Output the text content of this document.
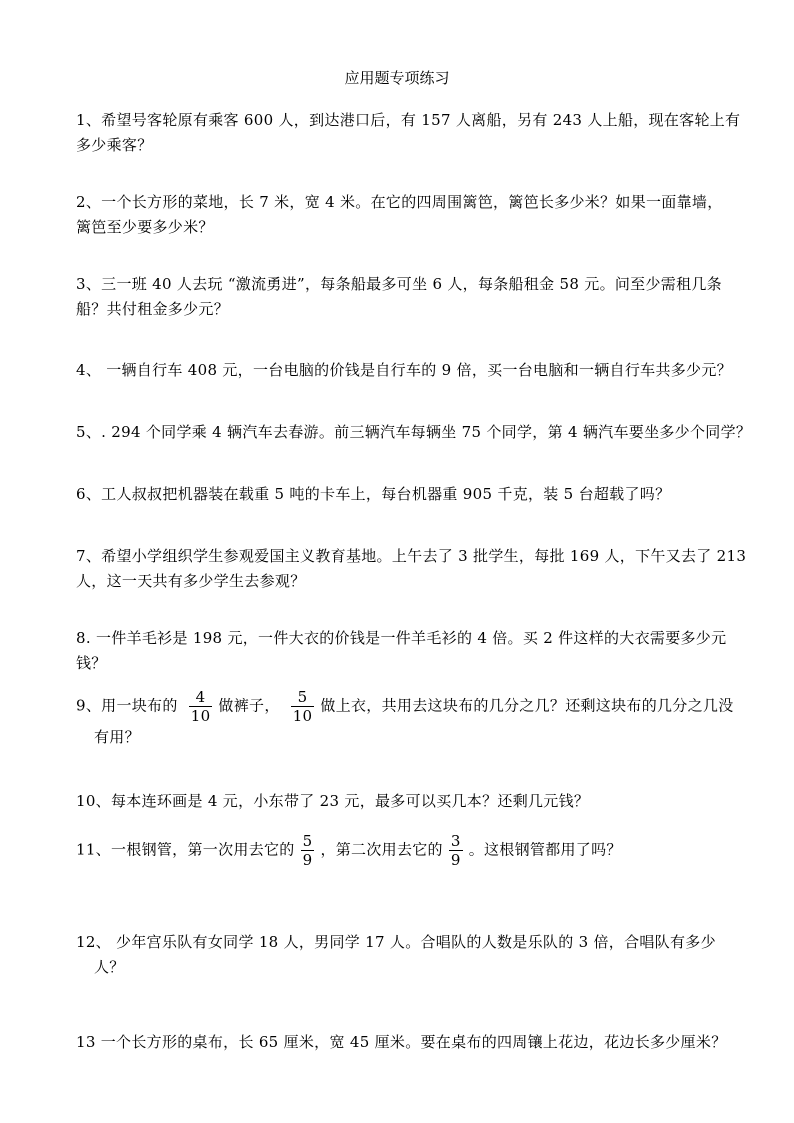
应用题专项练习
1、希望号客轮原有乘客 600 人，到达港口后，有 157 人离船，另有 243 人上船，现在客轮上有
多少乘客？
2、一个长方形的菜地，长 7 米，宽 4 米。在它的四周围篱笆，篱笆长多少米？如果一面靠墙，
篱笆至少要多少米？
3、三一班 40 人去玩 “激流勇进”，每条船最多可坐 6 人，每条船租金 58 元。问至少需租几条
船？共付租金多少元？
4、 一辆自行车 408 元，一台电脑的价钱是自行车的 9 倍，买一台电脑和一辆自行车共多少元？
5、. 294 个同学乘 4 辆汽车去春游。前三辆汽车每辆坐 75 个同学，第 4 辆汽车要坐多少个同学？
6、工人叔叔把机器装在载重 5 吨的卡车上，每台机器重 905 千克，装 5 台超载了吗？
7、希望小学组织学生参观爱国主义教育基地。上午去了 3 批学生，每批 169 人，下午又去了 213
人，这一天共有多少学生去参观？
8. 一件羊毛衫是 198 元，一件大衣的价钱是一件羊毛衫的 4 倍。买 2 件这样的大衣需要多少元
钱？
9、用一块布的 $\frac{4}{10}$ 做裤子， $\frac{5}{10}$ 做上衣，共用去这块布的几分之几？还剩这块布的几分之几没
有用？
10、每本连环画是 4 元，小东带了 23 元，最多可以买几本？还剩几元钱？
11、一根钢管，第一次用去它的 $\frac{5}{9}$ ，第二次用去它的 $\frac{3}{9}$ 。这根钢管都用了吗？
12、 少年宫乐队有女同学 18 人，男同学 17 人。合唱队的人数是乐队的 3 倍，合唱队有多少
人？
13 一个长方形的桌布，长 65 厘米，宽 45 厘米。要在桌布的四周镶上花边，花边长多少厘米？
